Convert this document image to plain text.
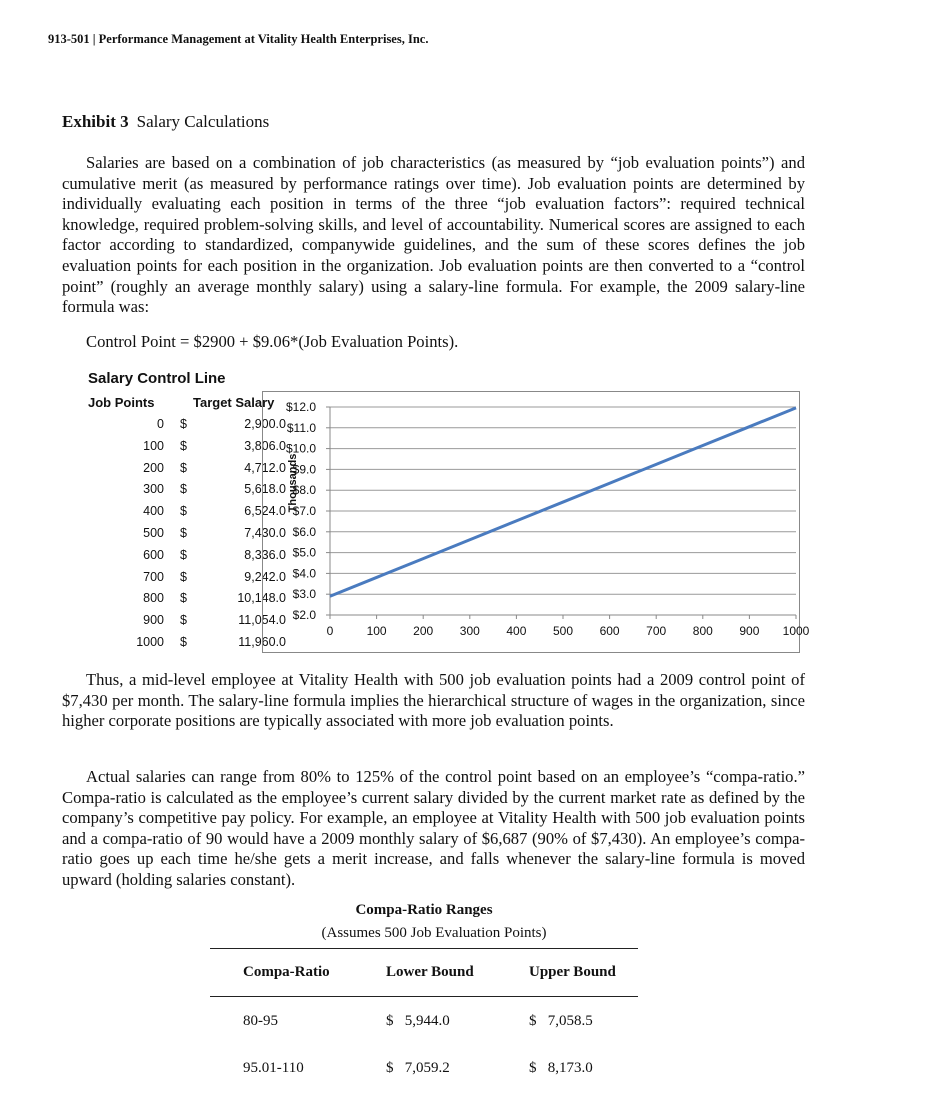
913-501 | Performance Management at Vitality Health Enterprises, Inc.
Exhibit 3 Salary Calculations
Salaries are based on a combination of job characteristics (as measured by “job evaluation points”) and cumulative merit (as measured by performance ratings over time). Job evaluation points are determined by individually evaluating each position in terms of the three “job evaluation factors”: required technical knowledge, required problem-solving skills, and level of accountability. Numerical scores are assigned to each factor according to standardized, companywide guidelines, and the sum of these scores defines the job evaluation points for each position in the organization. Job evaluation points are then converted to a “control point” (roughly an average monthly salary) using a salary-line formula. For example, the 2009 salary-line formula was:
Control Point = $2900 + $9.06*(Job Evaluation Points).
Salary Control Line
Job Points	Target Salary
0 $	2,900.0
100 $	3,806.0
200 $	4,712.0
300 $	5,618.0
400 $	6,524.0
500 $	7,430.0
600 $	8,336.0
700 $	9,242.0
800 $	10,148.0
900 $	11,054.0
1000 $	11,960.0
$2.0
$3.0
$4.0
$5.0
$6.0
$7.0
$8.0
$9.0
$10.0
$11.0
$12.0
0	100 200 300 400 500 600 700 800 900 1000
Thousands
Thus, a mid-level employee at Vitality Health with 500 job evaluation points had a 2009 control point of $7,430 per month. The salary-line formula implies the hierarchical structure of wages in the organization, since higher corporate positions are typically associated with more job evaluation points.
Actual salaries can range from 80% to 125% of the control point based on an employee’s “compa-ratio.” Compa-ratio is calculated as the employee’s current salary divided by the current market rate as defined by the company’s competitive pay policy. For example, an employee at Vitality Health with 500 job evaluation points and a compa-ratio of 90 would have a 2009 monthly salary of $6,687 (90% of $7,430). An employee’s compa-ratio goes up each time he/she gets a merit increase, and falls whenever the salary-line formula is moved upward (holding salaries constant).
Compa-Ratio Ranges
(Assumes 500 Job Evaluation Points)
Compa-Ratio	Lower Bound	Upper Bound
80-95	$   5,944.0	$   7,058.5
95.01-110	$   7,059.2	$   8,173.0
